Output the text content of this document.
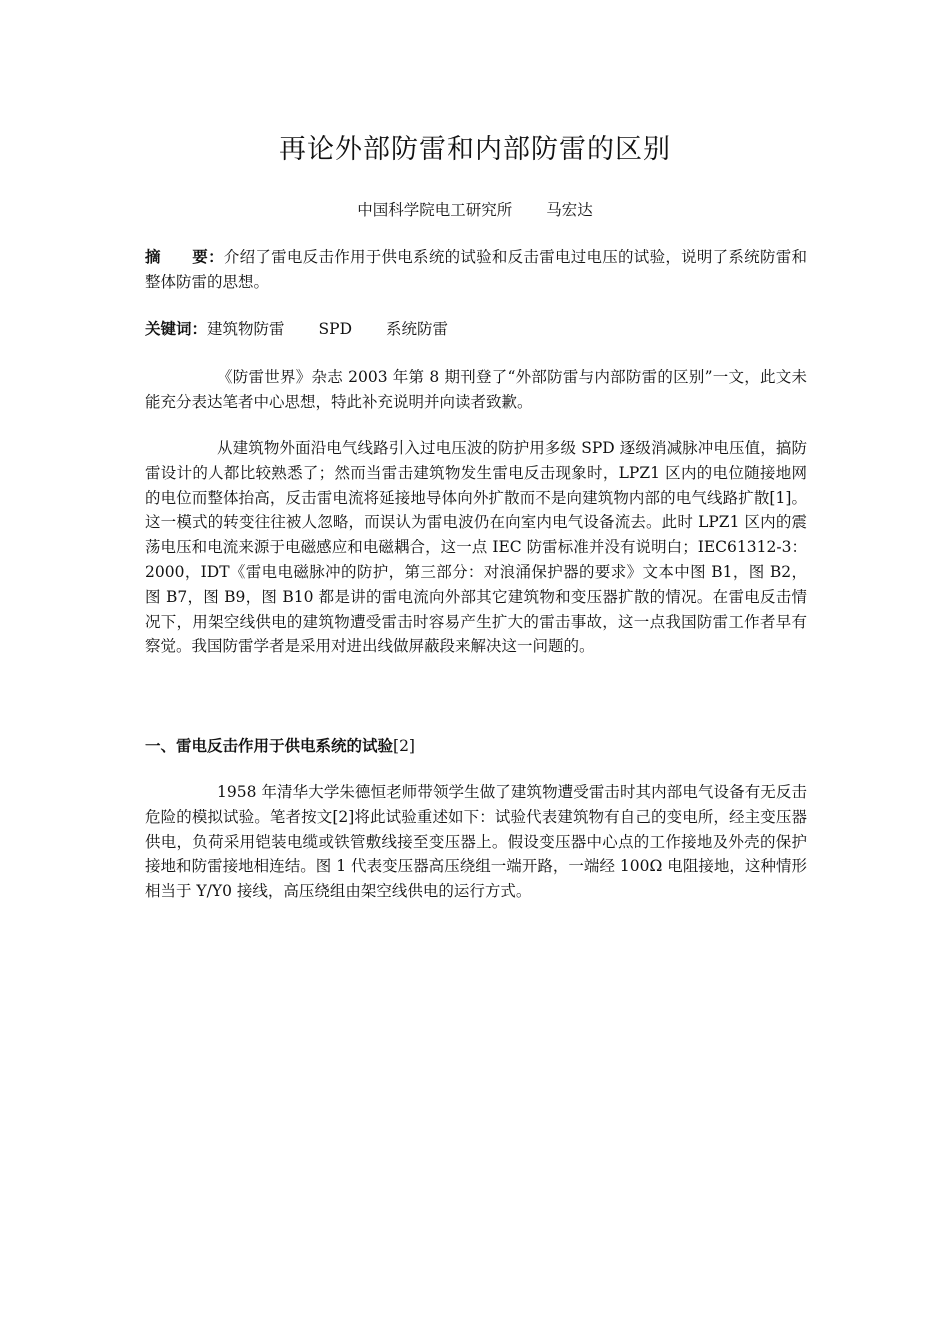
再论外部防雷和内部防雷的区别
中国科学院电工研究所 马宏达
摘　　要：介绍了雷电反击作用于供电系统的试验和反击雷电过电压的试验，说明了系统防雷和整体防雷的思想。
关键词：建筑物防雷 SPD 系统防雷
《防雷世界》杂志 2003 年第 8 期刊登了“外部防雷与内部防雷的区别”一文，此文未能充分表达笔者中心思想，特此补充说明并向读者致歉。
从建筑物外面沿电气线路引入过电压波的防护用多级 SPD 逐级消减脉冲电压值，搞防雷设计的人都比较熟悉了；然而当雷击建筑物发生雷电反击现象时，LPZ1 区内的电位随接地网的电位而整体抬高，反击雷电流将延接地导体向外扩散而不是向建筑物内部的电气线路扩散[1]。这一模式的转变往往被人忽略，而误认为雷电波仍在向室内电气设备流去。此时 LPZ1 区内的震荡电压和电流来源于电磁感应和电磁耦合，这一点 IEC 防雷标准并没有说明白；IEC61312-3：2000，IDT《雷电电磁脉冲的防护，第三部分：对浪涌保护器的要求》文本中图 B1，图 B2，图 B7，图 B9，图 B10 都是讲的雷电流向外部其它建筑物和变压器扩散的情况。在雷电反击情况下，用架空线供电的建筑物遭受雷击时容易产生扩大的雷击事故，这一点我国防雷工作者早有察觉。我国防雷学者是采用对进出线做屏蔽段来解决这一问题的。
一、雷电反击作用于供电系统的试验[2]
1958 年清华大学朱德恒老师带领学生做了建筑物遭受雷击时其内部电气设备有无反击危险的模拟试验。笔者按文[2]将此试验重述如下：试验代表建筑物有自己的变电所，经主变压器供电，负荷采用铠装电缆或铁管敷线接至变压器上。假设变压器中心点的工作接地及外壳的保护接地和防雷接地相连结。图 1 代表变压器高压绕组一端开路，一端经 100Ω 电阻接地，这种情形相当于 Y/Y0 接线，高压绕组由架空线供电的运行方式。
